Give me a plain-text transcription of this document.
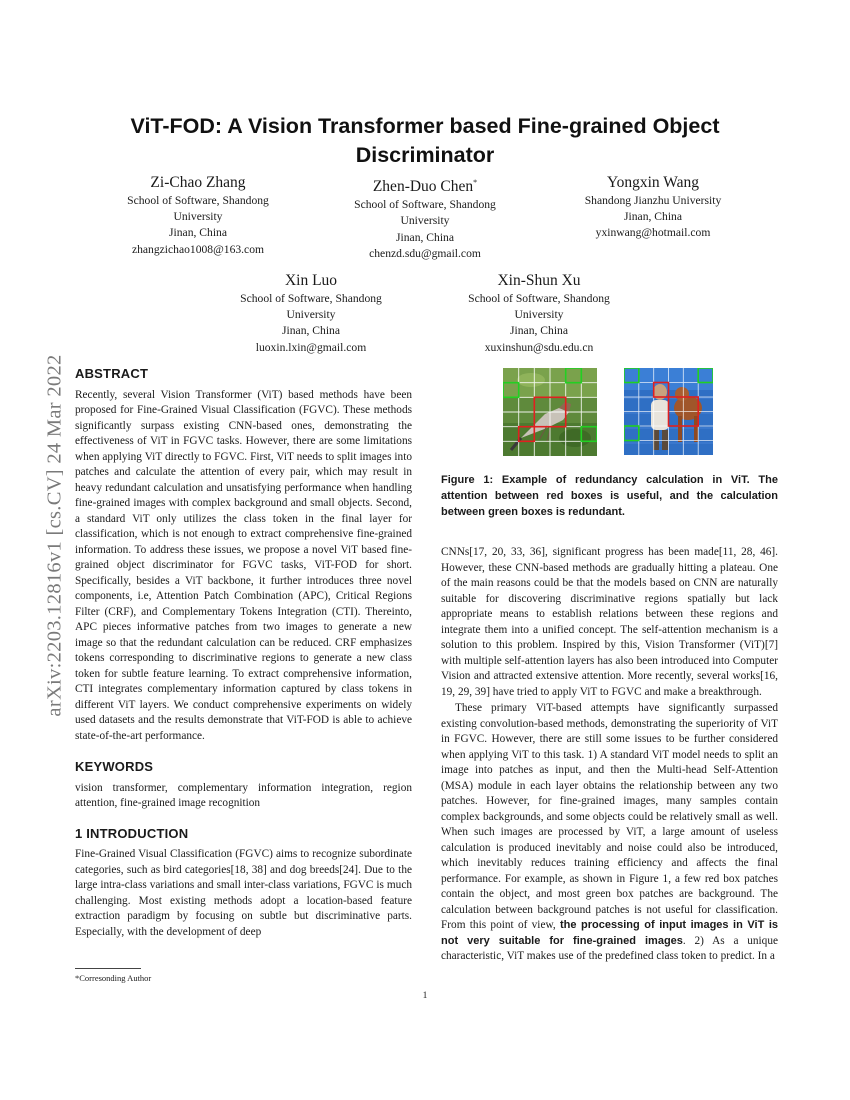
arXiv:2203.12816v1 [cs.CV] 24 Mar 2022
ViT-FOD: A Vision Transformer based Fine-grained Object Discriminator
Zi-Chao Zhang
School of Software, Shandong
University
Jinan, China
zhangzichao1008@163.com
Zhen-Duo Chen*
School of Software, Shandong
University
Jinan, China
chenzd.sdu@gmail.com
Yongxin Wang
Shandong Jianzhu University
Jinan, China
yxinwang@hotmail.com
Xin Luo
School of Software, Shandong
University
Jinan, China
luoxin.lxin@gmail.com
Xin-Shun Xu
School of Software, Shandong
University
Jinan, China
xuxinshun@sdu.edu.cn
ABSTRACT

Recently, several Vision Transformer (ViT) based methods have been proposed for Fine-Grained Visual Classification (FGVC). These methods significantly surpass existing CNN-based ones, demonstrating the effectiveness of ViT in FGVC tasks. However, there are some limitations when applying ViT directly to FGVC. First, ViT needs to split images into patches and calculate the attention of every pair, which may result in heavy redundant calculation and unsatisfying performance when handling fine-grained images with complex background and small objects. Second, a standard ViT only utilizes the class token in the final layer for classification, which is not enough to extract comprehensive fine-grained information. To address these issues, we propose a novel ViT based fine-grained object discriminator for FGVC tasks, ViT-FOD for short. Specifically, besides a ViT backbone, it further introduces three novel components, i.e, Attention Patch Combination (APC), Critical Regions Filter (CRF), and Complementary Tokens Integration (CTI). Thereinto, APC pieces informative patches from two images to generate a new image so that the redundant calculation can be reduced. CRF emphasizes tokens corresponding to discriminative regions to generate a new class token for subtle feature learning. To extract comprehensive information, CTI integrates complementary information captured by class tokens in different ViT layers. We conduct comprehensive experiments on widely used datasets and the results demonstrate that ViT-FOD is able to achieve state-of-the-art performance.

KEYWORDS

vision transformer, complementary information integration, region attention, fine-grained image recognition

1 INTRODUCTION

Fine-Grained Visual Classification (FGVC) aims to recognize subordinate categories, such as bird categories[18, 38] and dog breeds[24]. Due to the large intra-class variations and small inter-class variations, FGVC is much challenging. Most existing methods adopt a location-based feature extraction paradigm by focusing on subtle but discriminative parts. Especially, with the development of deep

Figure 1: Example of redundancy calculation in ViT. The attention between red boxes is useful, and the calculation between green boxes is redundant.

CNNs[17, 20, 33, 36], significant progress has been made[11, 28, 46]. However, these CNN-based methods are gradually hitting a plateau. One of the main reasons could be that the models based on CNN are naturally suitable for discovering discriminative regions spatially but lack appropriate means to establish relations between these regions and integrate them into a unified concept. The self-attention mechanism is a solution to this problem. Inspired by this, Vision Transformer (ViT)[7] with multiple self-attention layers has also been introduced into Computer Vision and attracted extensive attention. More recently, several works[16, 19, 29, 39] have tried to apply ViT to FGVC and make a breakthrough.

These primary ViT-based attempts have significantly surpassed existing convolution-based methods, demonstrating the superiority of ViT in FGVC. However, there are still some issues to be further considered when applying ViT to this task. 1) A standard ViT model needs to split an image into patches as input, and then the Multi-head Self-Attention (MSA) module in each layer obtains the relationship between any two patches. However, for fine-grained images, many samples contain complex backgrounds, and some objects could be relatively small as well. When such images are processed by ViT, a large amount of useless calculation is produced inevitably and noise could also be introduced, which inevitably reduces training efficiency and affects the final performance. For example, as shown in Figure 1, a few red box patches contain the object, and most green box patches are background. The calculation between background patches is not useful for classification. From this point of view, the processing of input images in ViT is not very suitable for fine-grained images. 2) As a unique characteristic, ViT makes use of the predefined class token to predict. In a

*Corresonding Author
1
